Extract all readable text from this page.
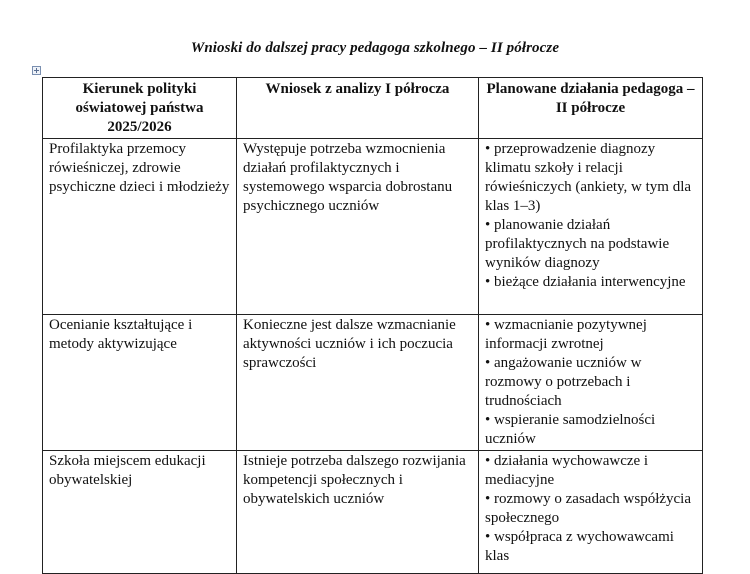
Wnioski do dalszej pracy pedagoga szkolnego – II półrocze
Kierunek polityki oświatowej państwa 2025/2026	Wniosek z analizy I półrocza	Planowane działania pedagoga – II półrocze
Profilaktyka przemocy rówieśniczej, zdrowie psychiczne dzieci i młodzieży	Występuje potrzeba wzmocnienia działań profilaktycznych i systemowego wsparcia dobrostanu psychicznego uczniów	• przeprowadzenie diagnozy klimatu szkoły i relacji rówieśniczych (ankiety, w tym dla klas 1–3)
• planowanie działań profilaktycznych na podstawie wyników diagnozy
• bieżące działania interwencyjne

Ocenianie kształtujące i metody aktywizujące	Konieczne jest dalsze wzmacnianie aktywności uczniów i ich poczucia sprawczości	• wzmacnianie pozytywnej informacji zwrotnej
• angażowanie uczniów w rozmowy o potrzebach i trudnościach
• wspieranie samodzielności uczniów

Szkoła miejscem edukacji obywatelskiej	Istnieje potrzeba dalszego rozwijania kompetencji społecznych i obywatelskich uczniów	• działania wychowawcze i mediacyjne
• rozmowy o zasadach współżycia społecznego
• współpraca z wychowawcami klas
